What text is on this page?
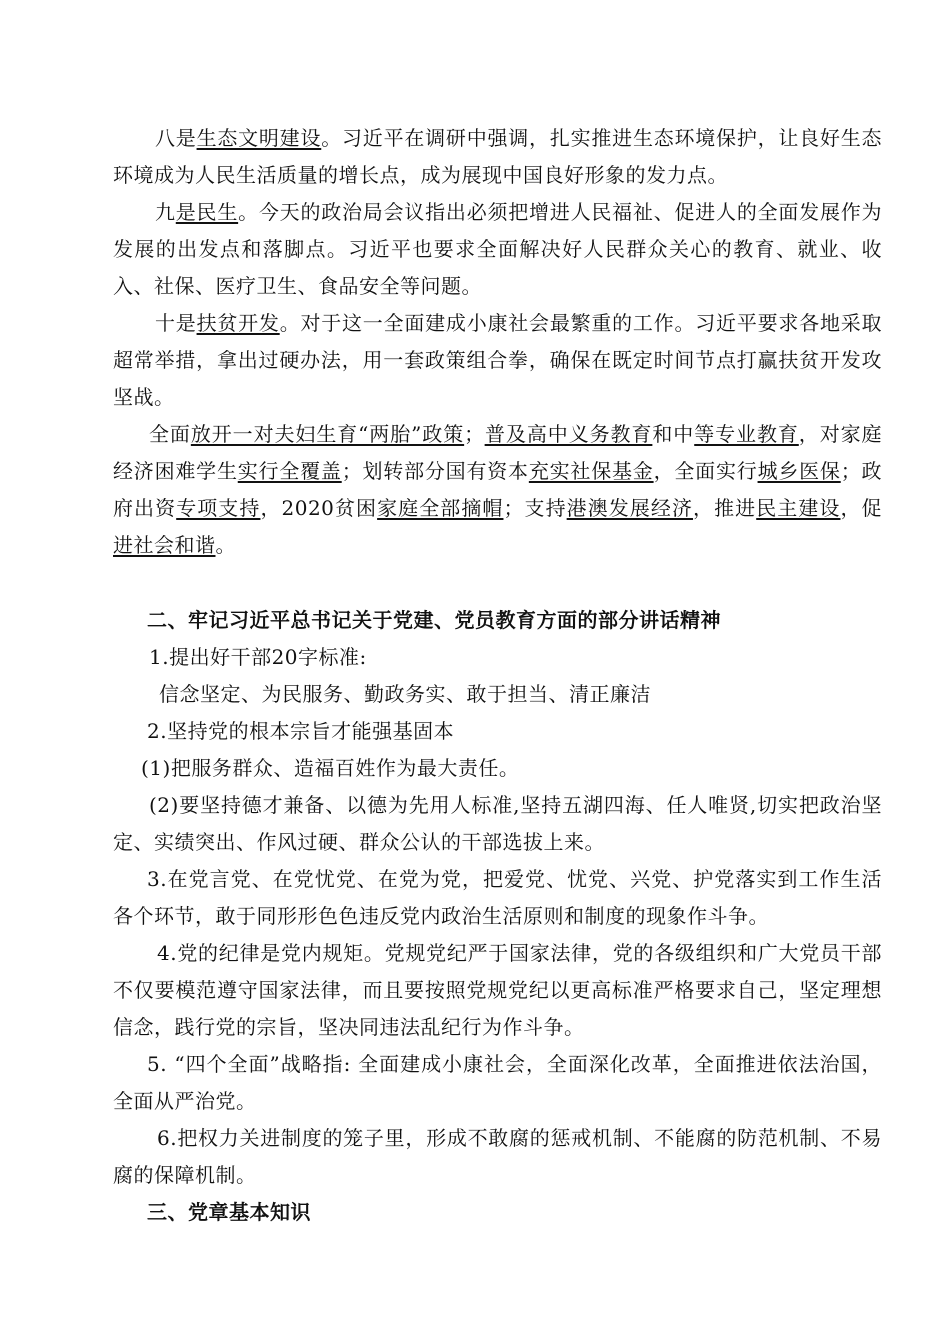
八是生态文明建设。习近平在调研中强调，扎实推进生态环境保护，让良好生态环境成为人民生活质量的增长点，成为展现中国良好形象的发力点。

九是民生。今天的政治局会议指出必须把增进人民福祉、促进人的全面发展作为发展的出发点和落脚点。习近平也要求全面解决好人民群众关心的教育、就业、收入、社保、医疗卫生、食品安全等问题。

十是扶贫开发。对于这一全面建成小康社会最繁重的工作。习近平要求各地采取超常举措，拿出过硬办法，用一套政策组合拳，确保在既定时间节点打赢扶贫开发攻坚战。

全面放开一对夫妇生育“两胎”政策；普及高中义务教育和中等专业教育，对家庭经济困难学生实行全覆盖；划转部分国有资本充实社保基金，全面实行城乡医保；政府出资专项支持，2020贫困家庭全部摘帽；支持港澳发展经济，推进民主建设，促进社会和谐。

二、牢记习近平总书记关于党建、党员教育方面的部分讲话精神

1.提出好干部20字标准:

信念坚定、为民服务、勤政务实、敢于担当、清正廉洁

2.坚持党的根本宗旨才能强基固本

(1)把服务群众、造福百姓作为最大责任。

(2)要坚持德才兼备、以德为先用人标准,坚持五湖四海、任人唯贤,切实把政治坚定、实绩突出、作风过硬、群众公认的干部选拔上来。

3.在党言党、在党忧党、在党为党，把爱党、忧党、兴党、护党落实到工作生活各个环节，敢于同形形色色违反党内政治生活原则和制度的现象作斗争。

4.党的纪律是党内规矩。党规党纪严于国家法律，党的各级组织和广大党员干部不仅要模范遵守国家法律，而且要按照党规党纪以更高标准严格要求自己，坚定理想信念，践行党的宗旨，坚决同违法乱纪行为作斗争。

5. “四个全面”战略指: 全面建成小康社会，全面深化改革，全面推进依法治国，全面从严治党。

6.把权力关进制度的笼子里，形成不敢腐的惩戒机制、不能腐的防范机制、不易腐的保障机制。

三、党章基本知识
